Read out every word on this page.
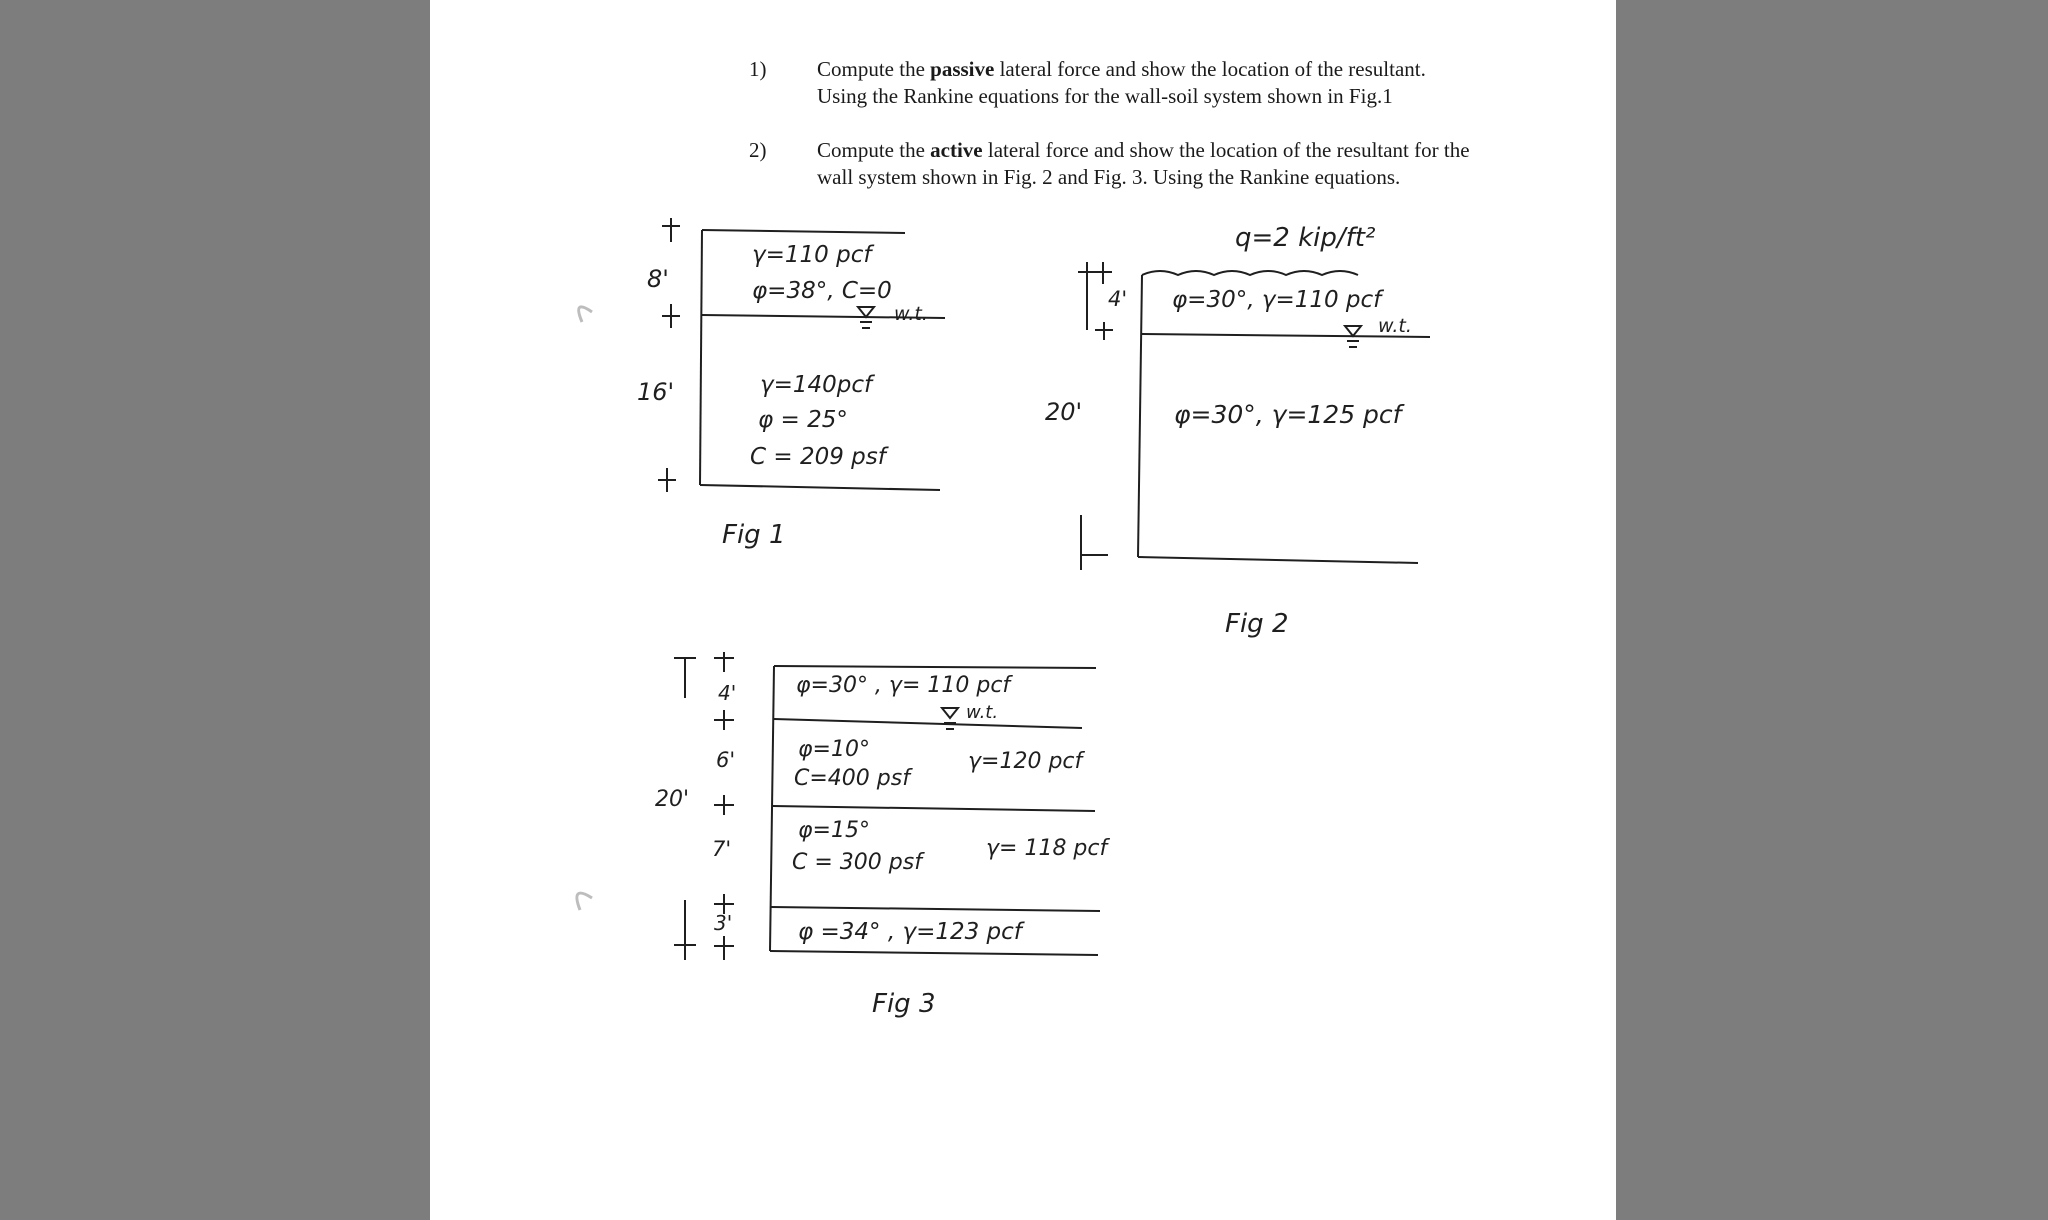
1) Compute the passive lateral force and show the location of the resultant.
Using the Rankine equations for the wall-soil system shown in Fig.1
2) Compute the active lateral force and show the location of the resultant for the
wall system shown in Fig. 2 and Fig. 3. Using the Rankine equations.
8'
16'
γ=110 pcf
φ=38°, C=0
w.t.
γ=140pcf
φ = 25°
C = 209 psf
Fig 1
q=2 kip/ft²
4' φ=30°, γ=110 pcf
w.t.
20'	φ=30°, γ=125 pcf
Fig 2
4'
6'
7'
3'
20'
φ=30° , γ= 110 pcf
w.t.
φ=10°
C=400 psf
γ=120 pcf
φ=15°
C = 300 psf
γ= 118 pcf
φ =34° , γ=123 pcf
Fig 3
